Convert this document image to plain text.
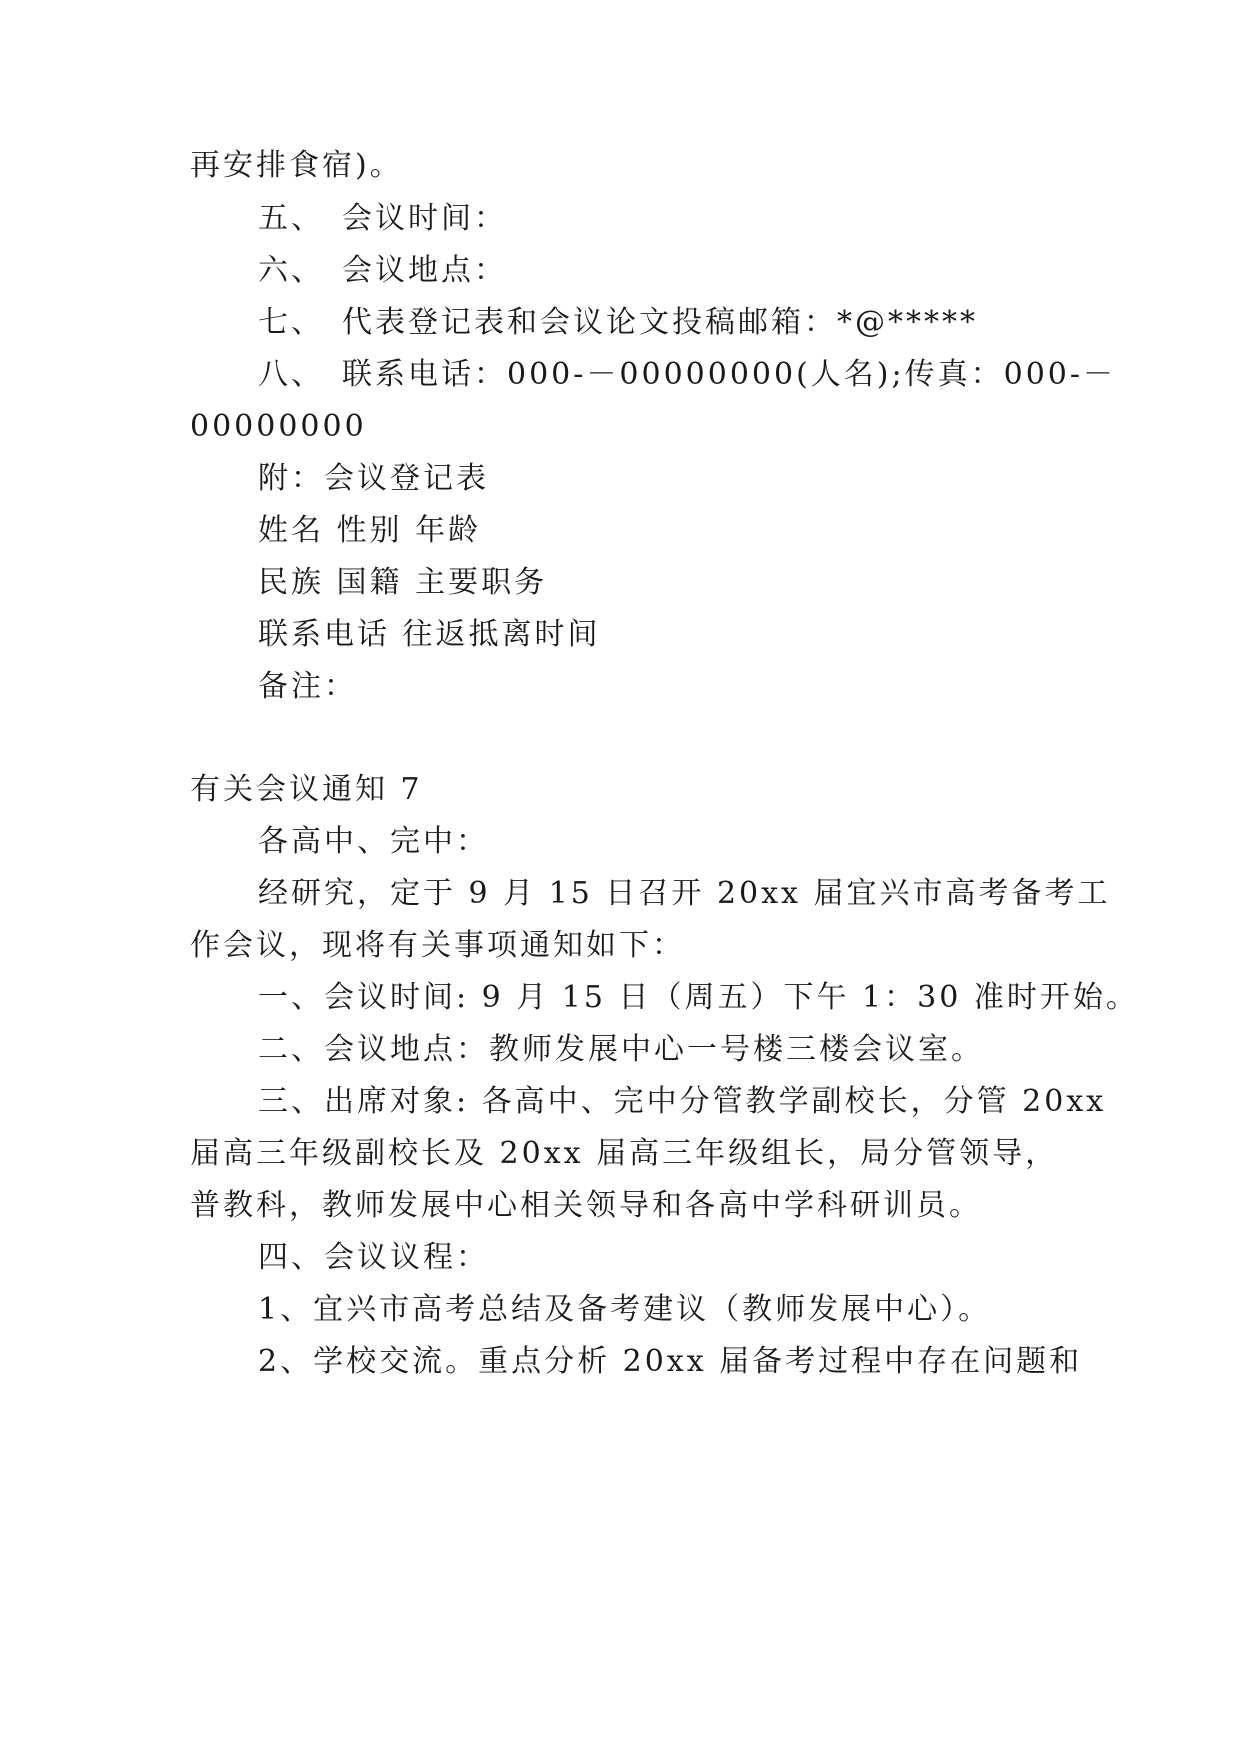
再安排食宿)。
五、 会议时间：
六、 会议地点：
七、 代表登记表和会议论文投稿邮箱：*@*****
八、 联系电话：000-－00000000(人名);传真：000-－
00000000
附：会议登记表
姓名 性别 年龄
民族 国籍 主要职务
联系电话 往返抵离时间
备注：
有关会议通知 7
各高中、完中：
经研究，定于 9 月 15 日召开 20xx 届宜兴市高考备考工
作会议，现将有关事项通知如下：
一、会议时间: 9 月 15 日（周五）下午 1：30 准时开始。
二、会议地点：教师发展中心一号楼三楼会议室。
三、出席对象: 各高中、完中分管教学副校长，分管 20xx
届高三年级副校长及 20xx 届高三年级组长，局分管领导，
普教科，教师发展中心相关领导和各高中学科研训员。
四、会议议程：
1、宜兴市高考总结及备考建议（教师发展中心）。
2、学校交流。重点分析 20xx 届备考过程中存在问题和
